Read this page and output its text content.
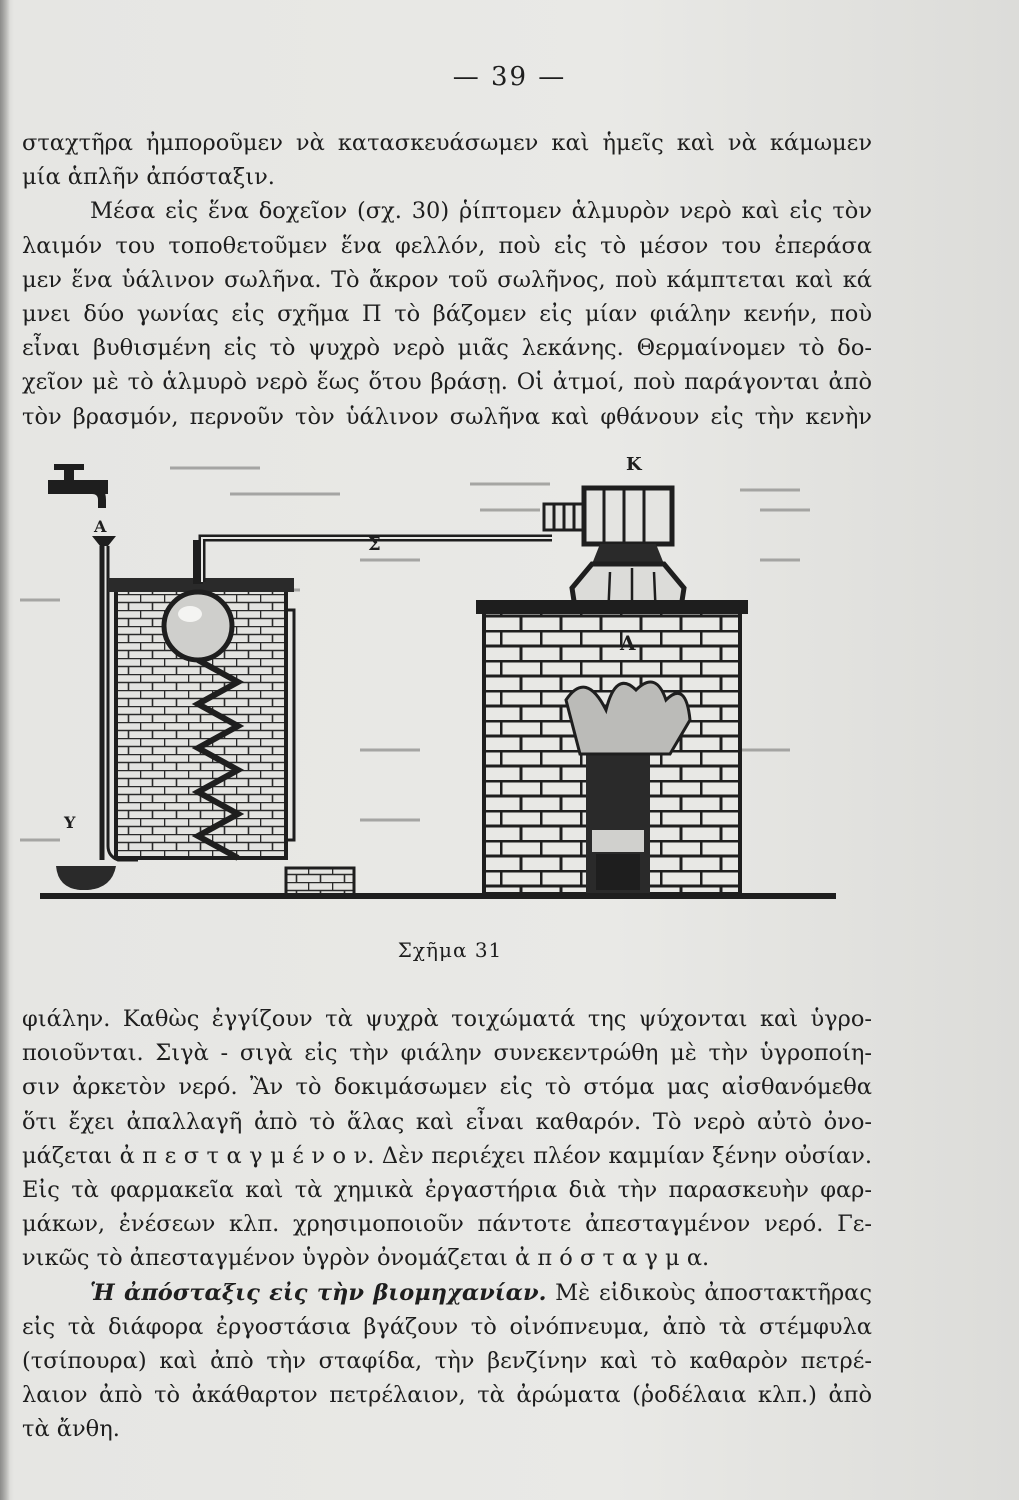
— 39 —
σταχτῆρα ἠμποροῦμεν νὰ κατασκευάσωμεν καὶ ἡμεῖς καὶ νὰ κάμωμεν
μία ἁπλῆν ἀπόσταξιν.
Μέσα εἰς ἕνα δοχεῖον (σχ. 30) ῥίπτομεν ἁλμυρὸν νερὸ καὶ εἰς τὸν
λαιμόν του τοποθετοῦμεν ἕνα φελλόν, ποὺ εἰς τὸ μέσον του ἐπεράσα
μεν ἕνα ὑάλινον σωλῆνα. Τὸ ἄκρον τοῦ σωλῆνος, ποὺ κάμπτεται καὶ κά
μνει δύο γωνίας εἰς σχῆμα Π τὸ βάζομεν εἰς μίαν φιάλην κενήν, ποὺ
εἶναι βυθισμένη εἰς τὸ ψυχρὸ νερὸ μιᾶς λεκάνης. Θερμαίνομεν τὸ δο-
χεῖον μὲ τὸ ἁλμυρὸ νερὸ ἕως ὅτου βράσῃ. Οἱ ἀτμοί, ποὺ παράγονται ἀπὸ
τὸν βρασμόν, περνοῦν τὸν ὑάλινον σωλῆνα καὶ φθάνουν εἰς τὴν κενὴν
Κ
Σ
Λ
Α
Υ
Σχῆμα 31
φιάλην. Καθὼς ἐγγίζουν τὰ ψυχρὰ τοιχώματά της ψύχονται καὶ ὑγρο-
ποιοῦνται. Σιγὰ - σιγὰ εἰς τὴν φιάλην συνεκεντρώθη μὲ τὴν ὑγροποίη-
σιν ἀρκετὸν νερό. Ἂν τὸ δοκιμάσωμεν εἰς τὸ στόμα μας αἰσθανόμεθα
ὅτι ἔχει ἀπαλλαγῆ ἀπὸ τὸ ἅλας καὶ εἶναι καθαρόν. Τὸ νερὸ αὐτὸ ὀνο-
μάζεται ἀ π ε σ τ α γ μ έ ν ο ν. Δὲν περιέχει πλέον καμμίαν ξένην οὐσίαν.
Εἰς τὰ φαρμακεῖα καὶ τὰ χημικὰ ἐργαστήρια διὰ τὴν παρασκευὴν φαρ-
μάκων, ἐνέσεων κλπ. χρησιμοποιοῦν πάντοτε ἀπεσταγμένον νερό. Γε-
νικῶς τὸ ἀπεσταγμένον ὑγρὸν ὀνομάζεται ἀ π ό σ τ α γ μ α.
Ἡ ἀπόσταξις εἰς τὴν βιομηχανίαν. Μὲ εἰδικοὺς ἀποστακτῆρας
εἰς τὰ διάφορα ἐργοστάσια βγάζουν τὸ οἰνόπνευμα, ἀπὸ τὰ στέμφυλα
(τσίπουρα) καὶ ἀπὸ τὴν σταφίδα, τὴν βενζίνην καὶ τὸ καθαρὸν πετρέ-
λαιον ἀπὸ τὸ ἀκάθαρτον πετρέλαιον, τὰ ἀρώματα (ῥοδέλαια κλπ.) ἀπὸ
τὰ ἄνθη.
